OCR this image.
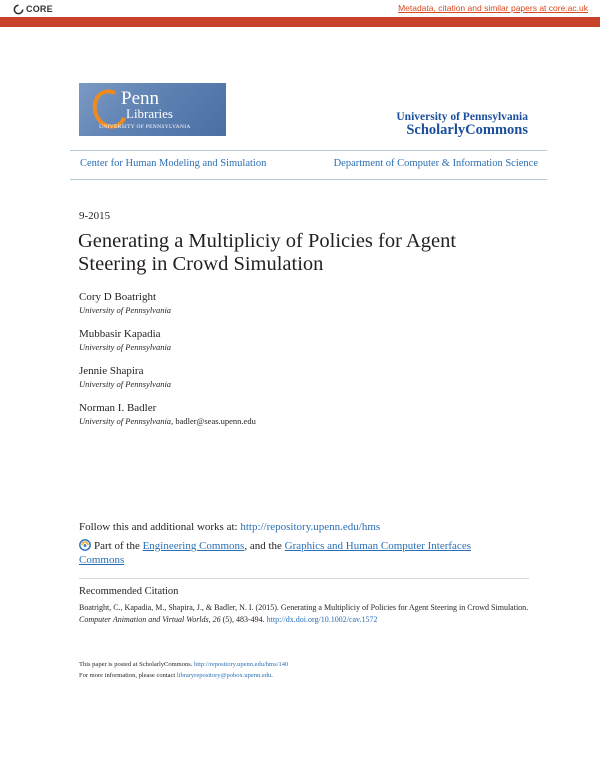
CORE	Metadata, citation and similar papers at core.ac.uk
Provided by ScholarlyCommons@Penn
Penn
Libraries
UNIVERSITY OF PENNSYLVANIA
University of Pennsylvania
ScholarlyCommons
Center for Human Modeling and Simulation	Department of Computer & Information Science
9-2015
Generating a Multipliciy of Policies for Agent Steering in Crowd Simulation
Cory D Boatright
University of Pennsylvania
Mubbasir Kapadia
University of Pennsylvania
Jennie Shapira
University of Pennsylvania
Norman I. Badler
University of Pennsylvania, badler@seas.upenn.edu
Follow this and additional works at: http://repository.upenn.edu/hms
Part of the Engineering Commons, and the Graphics and Human Computer Interfaces
Commons
Recommended Citation
Boatright, C., Kapadia, M., Shapira, J., & Badler, N. I. (2015). Generating a Multipliciy of Policies for Agent Steering in Crowd Simulation. Computer Animation and Virtual Worlds, 26 (5), 483-494. http://dx.doi.org/10.1002/cav.1572
This paper is posted at ScholarlyCommons. http://repository.upenn.edu/hms/140
For more information, please contact libraryrepository@pobox.upenn.edu.
